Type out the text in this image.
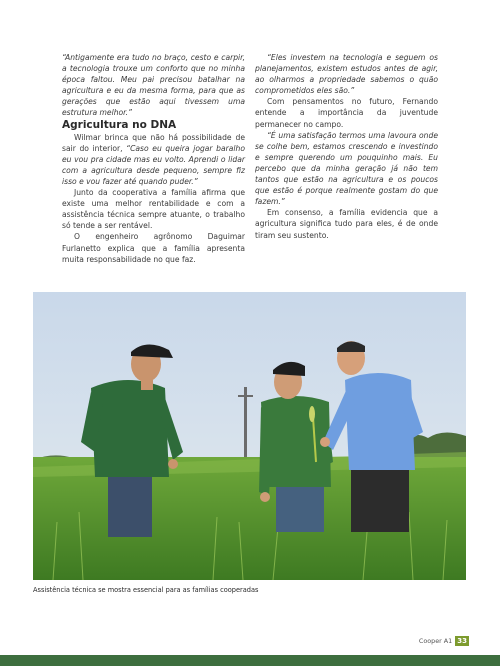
“Antigamente era tudo no braço, cesto e carpir, a tecnologia trouxe um conforto que no minha época faltou. Meu pai precisou batalhar na agricultura e eu da mesma forma, para que as gerações que estão aqui tivessem uma estrutura melhor.”

Agricultura no DNA

Wilmar brinca que não há possibilidade de sair do interior, “Caso eu queira jogar baralho eu vou pra cidade mas eu volto. Aprendi o lidar com a agricultura desde pequeno, sempre fiz isso e vou fazer até quando puder.”

Junto da cooperativa a família afirma que existe uma melhor rentabilidade e com a assistência técnica sempre atuante, o trabalho só tende a ser rentável.

O engenheiro agrônomo Daguimar Furlanetto explica que a família apresenta muita responsabilidade no que faz.

“Eles investem na tecnologia e seguem os planejamentos, existem estudos antes de agir, ao olharmos a propriedade sabemos o quão comprometidos eles são.”

Com pensamentos no futuro, Fernando entende a importância da juventude permanecer no campo.

“É uma satisfação termos uma lavoura onde se colhe bem, estamos crescendo e investindo e sempre querendo um pouquinho mais. Eu percebo que da minha geração já não tem tantos que estão na agricultura e os poucos que estão é porque realmente gostam do que fazem.”

Em consenso, a família evidencia que a agricultura significa tudo para eles, é de onde tiram seu sustento.

Assistência técnica se mostra essencial para as famílias cooperadas
Cooper A1 33
